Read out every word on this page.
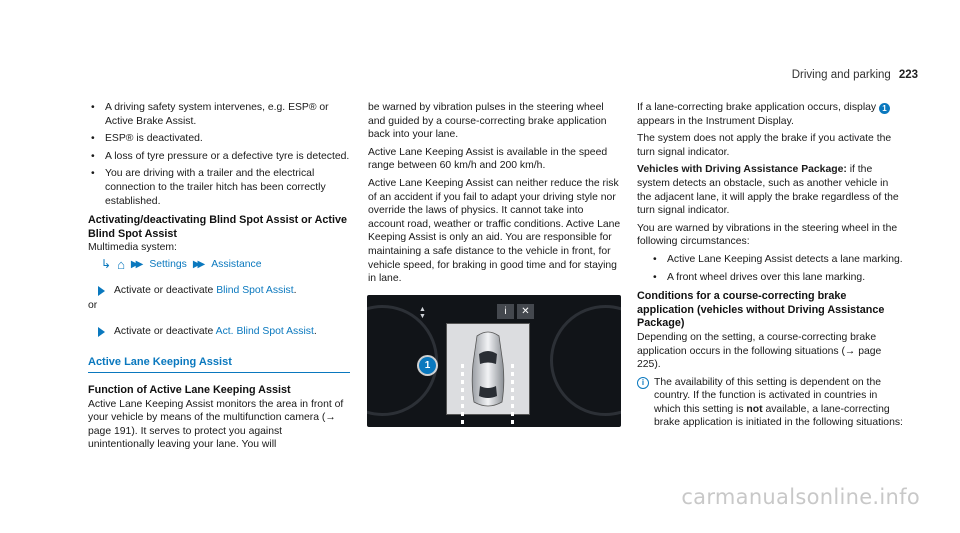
Driving and parking 223
• A driving safety system intervenes, e.g. ESP® or Active Brake Assist.
• ESP® is deactivated.
• A loss of tyre pressure or a defective tyre is detected.
• You are driving with a trailer and the electrical connection to the trailer hitch has been correctly established.
Activating/deactivating Blind Spot Assist or Active Blind Spot Assist

Multimedia system:

↳ ⌂ ▶▶ Settings ▶▶ Assistance
Activate or deactivate Blind Spot Assist.

or

Activate or deactivate Act. Blind Spot Assist.
Active Lane Keeping Assist
Function of Active Lane Keeping Assist

Active Lane Keeping Assist monitors the area in front of your vehicle by means of the multifunction camera (→ page 191). It serves to protect you against unintentionally leaving your lane. You will

be warned by vibration pulses in the steering wheel and guided by a course-correcting brake application back into your lane.

Active Lane Keeping Assist is available in the speed range between 60 km/h and 200 km/h.

Active Lane Keeping Assist can neither reduce the risk of an accident if you fail to adapt your driving style nor override the laws of physics. It cannot take into account road, weather or traffic conditions. Active Lane Keeping Assist is only an aid. You are responsible for maintaining a safe distance to the vehicle in front, for vehicle speed, for braking in good time and for staying in lane.

▲
▼	i	✕
1

If a lane-correcting brake application occurs, display 1 appears in the Instrument Display.

The system does not apply the brake if you activate the turn signal indicator.

Vehicles with Driving Assistance Package: if the system detects an obstacle, such as another vehicle in the adjacent lane, it will apply the brake regardless of the turn signal indicator.

You are warned by vibrations in the steering wheel in the following circumstances:

• Active Lane Keeping Assist detects a lane marking.
• A front wheel drives over this lane marking.
Conditions for a course-correcting brake application (vehicles without Driving Assistance Package)

Depending on the setting, a course-correcting brake application occurs in the following situations (→ page 225).

i The availability of this setting is dependent on the country. If the function is activated in countries in which this setting is not available, a lane-correcting brake application is initiated in the following situations:
carmanualsonline.info
